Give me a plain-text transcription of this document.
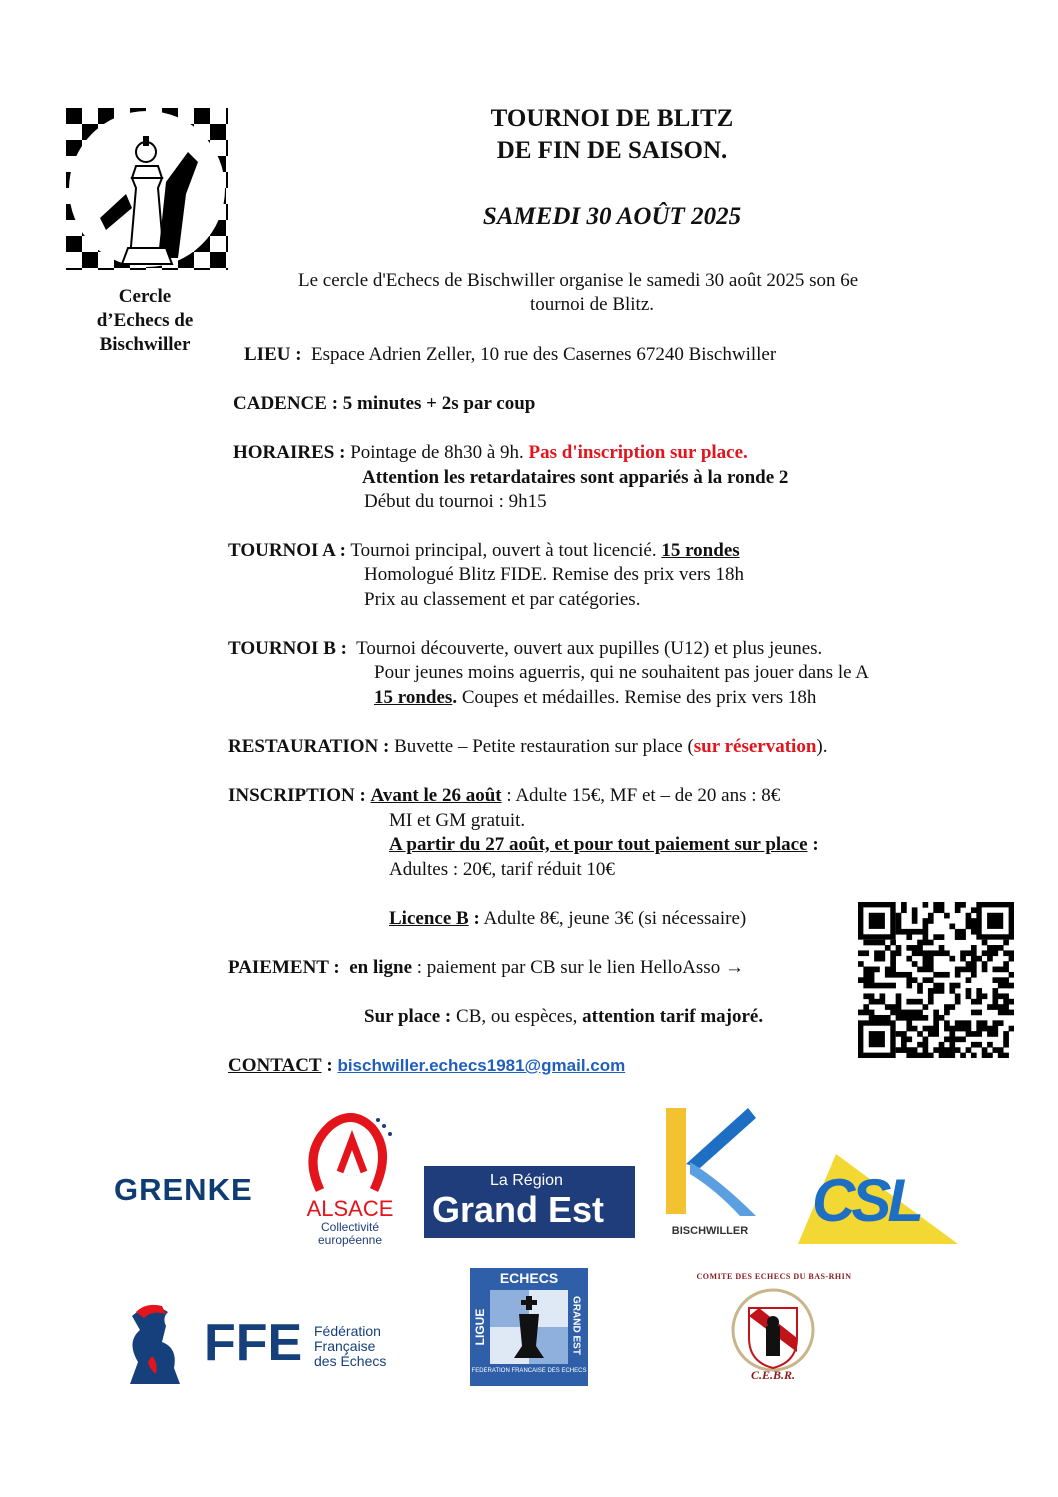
Cercle
d’Echecs de
Bischwiller
TOURNOI DE BLITZ
DE FIN DE SAISON.
SAMEDI 30 AOÛT 2025
Le cercle d'Echecs de Bischwiller organise le samedi 30 août 2025 son 6e
tournoi de Blitz.
LIEU : Espace Adrien Zeller, 10 rue des Casernes 67240 Bischwiller
CADENCE : 5 minutes + 2s par coup
HORAIRES : Pointage de 8h30 à 9h. Pas d'inscription sur place.
Attention les retardataires sont appariés à la ronde 2
Début du tournoi : 9h15
TOURNOI A : Tournoi principal, ouvert à tout licencié. 15 rondes
Homologué Blitz FIDE. Remise des prix vers 18h
Prix au classement et par catégories.
TOURNOI B : Tournoi découverte, ouvert aux pupilles (U12) et plus jeunes.
Pour jeunes moins aguerris, qui ne souhaitent pas jouer dans le A
15 rondes. Coupes et médailles. Remise des prix vers 18h
RESTAURATION : Buvette – Petite restauration sur place (sur réservation).
INSCRIPTION : Avant le 26 août : Adulte 15€, MF et – de 20 ans : 8€
MI et GM gratuit.
A partir du 27 août, et pour tout paiement sur place :
Adultes : 20€, tarif réduit 10€
Licence B : Adulte 8€, jeune 3€ (si nécessaire)
PAIEMENT : en ligne : paiement par CB sur le lien HelloAsso →
Sur place : CB, ou espèces, attention tarif majoré.
CONTACT : bischwiller.echecs1981@gmail.com
GRENKE
ALSACE
Collectivité
européenne
La Région
Grand Est
BISCHWILLER CSL
FFE Fédération
Française
des Échecs
ECHECS
LIGUE	GRAND EST
FEDERATION FRANCAISE DES ECHECS
COMITE DES ECHECS DU BAS-RHIN
C.E.B.R.
